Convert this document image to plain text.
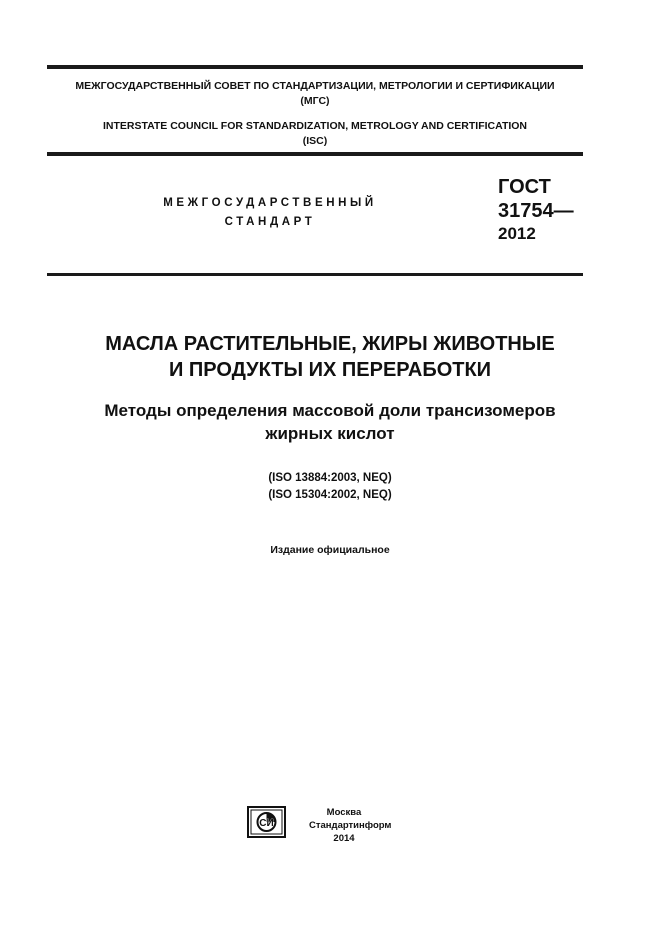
МЕЖГОСУДАРСТВЕННЫЙ СОВЕТ ПО СТАНДАРТИЗАЦИИ, МЕТРОЛОГИИ И СЕРТИФИКАЦИИ
(МГС)
INTERSTATE COUNCIL FOR STANDARDIZATION, METROLOGY AND CERTIFICATION
(ISC)
МЕЖГОСУДАРСТВЕННЫЙ
СТАНДАРТ
ГОСТ
31754—
2012
МАСЛА РАСТИТЕЛЬНЫЕ, ЖИРЫ ЖИВОТНЫЕ
И ПРОДУКТЫ ИХ ПЕРЕРАБОТКИ
Методы определения массовой доли трансизомеров
жирных кислот
(ISO 13884:2003, NEQ)
(ISO 15304:2002, NEQ)
Издание официальное
СИ
Москва
Стандартинформ
2014
